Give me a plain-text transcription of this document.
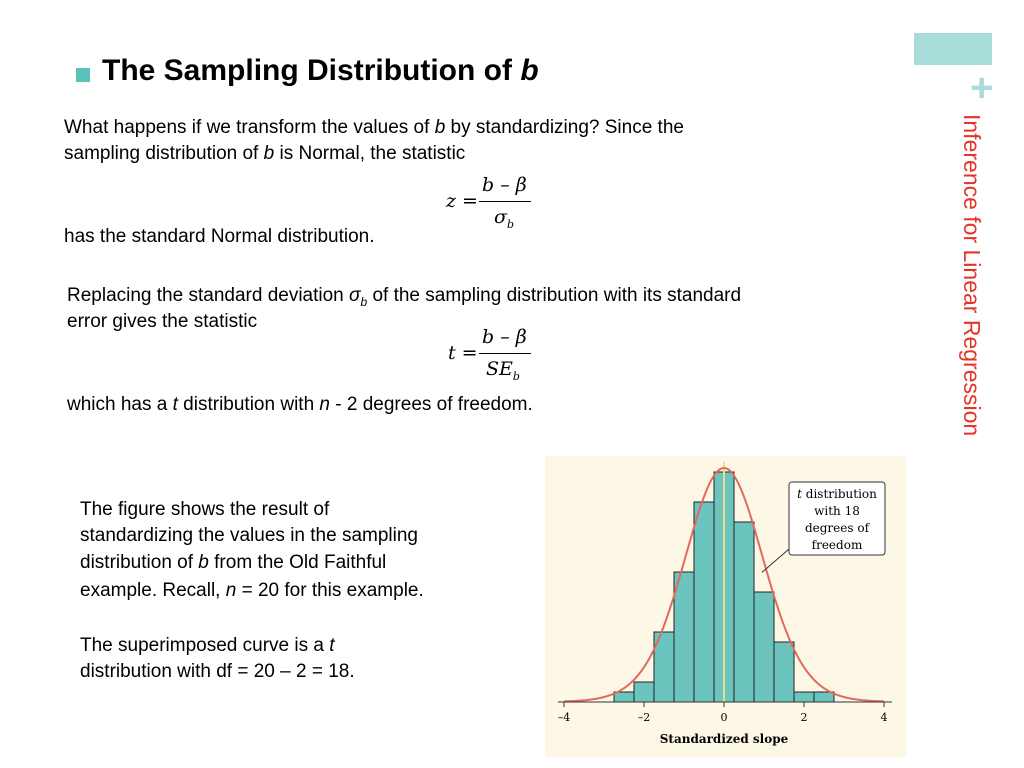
+
Inference for Linear Regression
The Sampling Distribution of b
What happens if we transform the values of b by standardizing? Since the
sampling distribution of b is Normal, the statistic
z =
b – β
$\sigma_b$
has the standard Normal distribution.
Replacing the standard deviation $\sigma_b$ of the sampling distribution with its standard
error gives the statistic
t =
b – β
$SE_b$
which has a t distribution with n - 2 degrees of freedom.
The figure shows the result of
standardizing the values in the sampling
distribution of b from the Old Faithful
example. Recall, n = 20 for this example.
The superimposed curve is a t
distribution with df = 20 – 2 = 18.
–4	–2	0	2	4
Standardized slope
t distribution
with 18
degrees of
freedom
